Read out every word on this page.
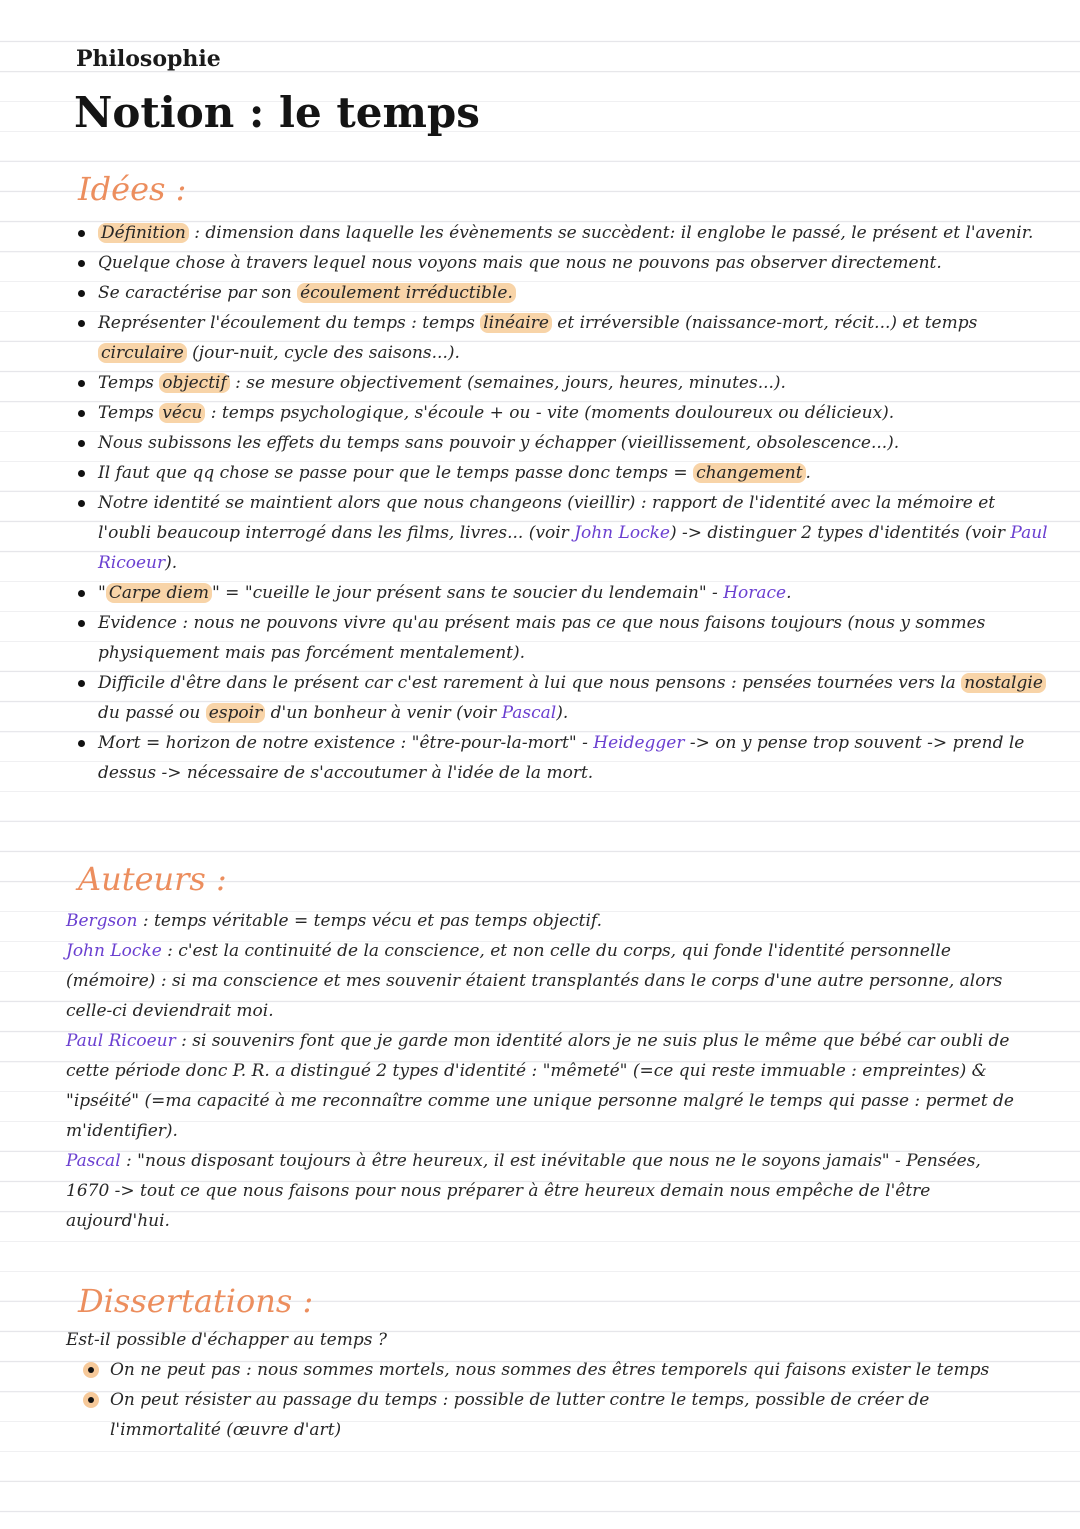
Philosophie
Notion : le temps
Idées :
Définition : dimension dans laquelle les évènements se succèdent: il englobe le passé, le présent et l'avenir.
Quelque chose à travers lequel nous voyons mais que nous ne pouvons pas observer directement.
Se caractérise par son écoulement irréductible.
Représenter l'écoulement du temps : temps linéaire et irréversible (naissance-mort, récit...) et temps circulaire (jour-nuit, cycle des saisons...).
Temps objectif : se mesure objectivement (semaines, jours, heures, minutes...).
Temps vécu : temps psychologique, s'écoule + ou - vite (moments douloureux ou délicieux).
Nous subissons les effets du temps sans pouvoir y échapper (vieillissement, obsolescence...).
Il faut que qq chose se passe pour que le temps passe donc temps = changement .
Notre identité se maintient alors que nous changeons (vieillir) : rapport de l'identité avec la mémoire et l'oubli beaucoup interrogé dans les films, livres... (voir John Locke) -> distinguer 2 types d'identités (voir Paul Ricoeur).
" Carpe diem " = "cueille le jour présent sans te soucier du lendemain" - Horace.
Evidence : nous ne pouvons vivre qu'au présent mais pas ce que nous faisons toujours (nous y sommes physiquement mais pas forcément mentalement).
Difficile d'être dans le présent car c'est rarement à lui que nous pensons : pensées tournées vers la nostalgie du passé ou espoir d'un bonheur à venir (voir Pascal).
Mort = horizon de notre existence : "être-pour-la-mort" - Heidegger -> on y pense trop souvent -> prend le dessus -> nécessaire de s'accoutumer à l'idée de la mort.
Auteurs :

Bergson : temps véritable = temps vécu et pas temps objectif.

John Locke : c'est la continuité de la conscience, et non celle du corps, qui fonde l'identité personnelle (mémoire) : si ma conscience et mes souvenir étaient transplantés dans le corps d'une autre personne, alors celle-ci deviendrait moi.

Paul Ricoeur : si souvenirs font que je garde mon identité alors je ne suis plus le même que bébé car oubli de cette période donc P. R. a distingué 2 types d'identité : "mêmeté" (=ce qui reste immuable : empreintes) & "ipséité" (=ma capacité à me reconnaître comme une unique personne malgré le temps qui passe : permet de m'identifier).

Pascal : "nous disposant toujours à être heureux, il est inévitable que nous ne le soyons jamais" - Pensées, 1670 -> tout ce que nous faisons pour nous préparer à être heureux demain nous empêche de l'être aujourd'hui.

Dissertations :

Est-il possible d'échapper au temps ?

On ne peut pas : nous sommes mortels, nous sommes des êtres temporels qui faisons exister le temps
On peut résister au passage du temps : possible de lutter contre le temps, possible de créer de l'immortalité (œuvre d'art)
